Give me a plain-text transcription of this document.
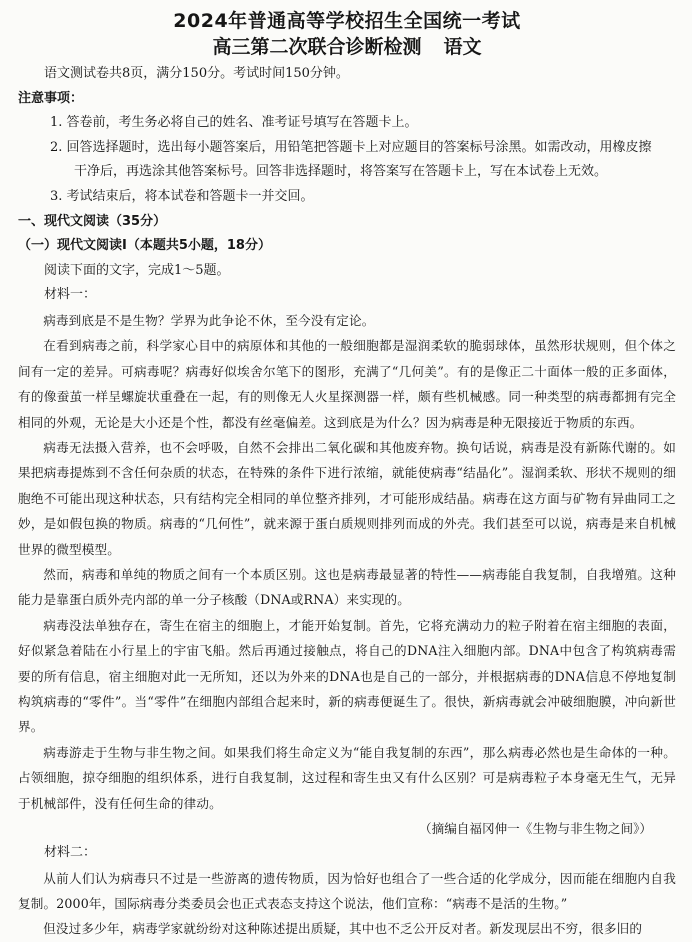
2024年普通高等学校招生全国统一考试
高三第二次联合诊断检测 语文
语文测试卷共8页，满分150分。考试时间150分钟。
注意事项：
1. 答卷前，考生务必将自己的姓名、准考证号填写在答题卡上。
2. 回答选择题时，选出每小题答案后，用铅笔把答题卡上对应题目的答案标号涂黑。如需改动，用橡皮擦
干净后，再选涂其他答案标号。回答非选择题时，将答案写在答题卡上，写在本试卷上无效。
3. 考试结束后，将本试卷和答题卡一并交回。
一、现代文阅读（35分）
（一）现代文阅读Ⅰ（本题共5小题，18分）
阅读下面的文字，完成1～5题。
材料一：
病毒到底是不是生物？学界为此争论不休，至今没有定论。
在看到病毒之前，科学家心目中的病原体和其他的一般细胞都是湿润柔软的脆弱球体，虽然形状规则，但个体之间有一定的差异。可病毒呢？病毒好似埃舍尔笔下的图形，充满了“几何美”。有的是像正二十面体一般的正多面体，有的像蚕茧一样呈螺旋状重叠在一起，有的则像无人火星探测器一样，颇有些机械感。同一种类型的病毒都拥有完全相同的外观，无论是大小还是个性，都没有丝毫偏差。这到底是为什么？因为病毒是种无限接近于物质的东西。
病毒无法摄入营养，也不会呼吸，自然不会排出二氧化碳和其他废弃物。换句话说，病毒是没有新陈代谢的。如果把病毒提炼到不含任何杂质的状态，在特殊的条件下进行浓缩，就能使病毒“结晶化”。湿润柔软、形状不规则的细胞绝不可能出现这种状态，只有结构完全相同的单位整齐排列，才可能形成结晶。病毒在这方面与矿物有异曲同工之妙，是如假包换的物质。病毒的“几何性”，就来源于蛋白质规则排列而成的外壳。我们甚至可以说，病毒是来自机械世界的微型模型。
然而，病毒和单纯的物质之间有一个本质区别。这也是病毒最显著的特性——病毒能自我复制，自我增殖。这种能力是靠蛋白质外壳内部的单一分子核酸（DNA或RNA）来实现的。
病毒没法单独存在，寄生在宿主的细胞上，才能开始复制。首先，它将充满动力的粒子附着在宿主细胞的表面，好似紧急着陆在小行星上的宇宙飞船。然后再通过接触点，将自己的DNA注入细胞内部。DNA中包含了构筑病毒需要的所有信息，宿主细胞对此一无所知，还以为外来的DNA也是自己的一部分，并根据病毒的DNA信息不停地复制构筑病毒的“零件”。当“零件”在细胞内部组合起来时，新的病毒便诞生了。很快，新病毒就会冲破细胞膜，冲向新世界。
病毒游走于生物与非生物之间。如果我们将生命定义为“能自我复制的东西”，那么病毒必然也是生命体的一种。占领细胞，掠夺细胞的组织体系，进行自我复制，这过程和寄生虫又有什么区别？可是病毒粒子本身毫无生气，无异于机械部件，没有任何生命的律动。
（摘编自福冈伸一《生物与非生物之间》）
材料二：
从前人们认为病毒只不过是一些游离的遗传物质，因为恰好也组合了一些合适的化学成分，因而能在细胞内自我复制。2000年，国际病毒分类委员会也正式表态支持这个说法，他们宣称：“病毒不是活的生物。”
但没过多少年，病毒学家就纷纷对这种陈述提出质疑，其中也不乏公开反对者。新发现层出不穷，很多旧的
